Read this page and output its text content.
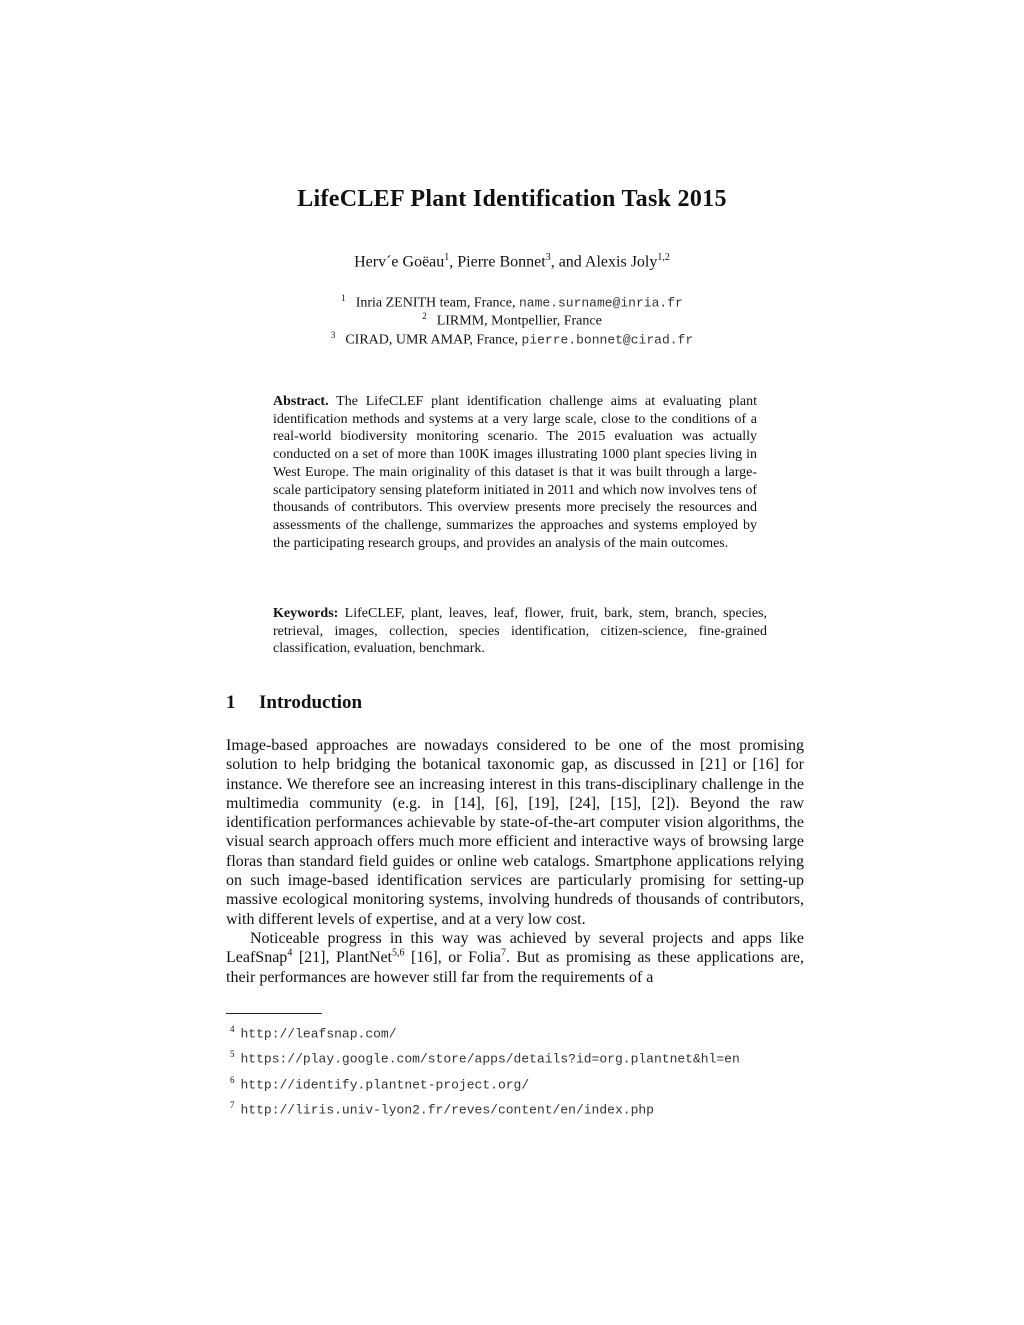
LifeCLEF Plant Identification Task 2015
Herv´e Goëau$^1$, Pierre Bonnet$^3$, and Alexis Joly$^{1,2}$
$^1$ Inria ZENITH team, France, name.surname@inria.fr
$^2$ LIRMM, Montpellier, France
$^3$ CIRAD, UMR AMAP, France, pierre.bonnet@cirad.fr
Abstract. The LifeCLEF plant identification challenge aims at evaluating plant identification methods and systems at a very large scale, close to the conditions of a real-world biodiversity monitoring scenario. The 2015 evaluation was actually conducted on a set of more than 100K images illustrating 1000 plant species living in West Europe. The main originality of this dataset is that it was built through a large-scale participatory sensing plateform initiated in 2011 and which now involves tens of thousands of contributors. This overview presents more precisely the resources and assessments of the challenge, summarizes the approaches and systems employed by the participating research groups, and provides an analysis of the main outcomes.
Keywords: LifeCLEF, plant, leaves, leaf, flower, fruit, bark, stem, branch, species, retrieval, images, collection, species identification, citizen-science, fine-grained classification, evaluation, benchmark.
1 Introduction

Image-based approaches are nowadays considered to be one of the most promising solution to help bridging the botanical taxonomic gap, as discussed in [21] or [16] for instance. We therefore see an increasing interest in this trans-disciplinary challenge in the multimedia community (e.g. in [14], [6], [19], [24], [15], [2]). Beyond the raw identification performances achievable by state-of-the-art computer vision algorithms, the visual search approach offers much more efficient and interactive ways of browsing large floras than standard field guides or online web catalogs. Smartphone applications relying on such image-based identification services are particularly promising for setting-up massive ecological monitoring systems, involving hundreds of thousands of contributors, with different levels of expertise, and at a very low cost.

Noticeable progress in this way was achieved by several projects and apps like LeafSnap$^4$ [21], PlantNet$^{5,6}$ [16], or Folia$^7$. But as promising as these applications are, their performances are however still far from the requirements of a

$^4$ http://leafsnap.com/
$^5$ https://play.google.com/store/apps/details?id=org.plantnet&hl=en
$^6$ http://identify.plantnet-project.org/
$^7$ http://liris.univ-lyon2.fr/reves/content/en/index.php
